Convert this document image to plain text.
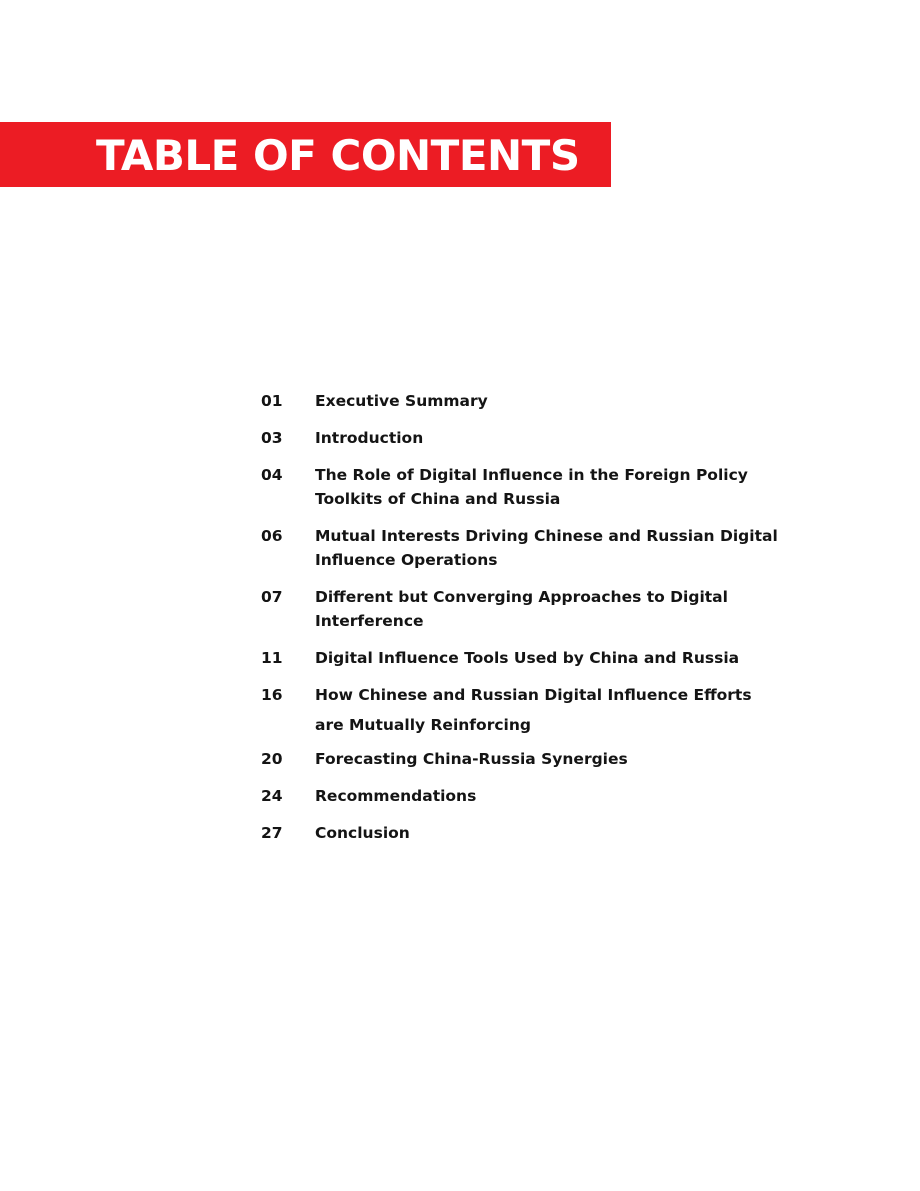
TABLE OF CONTENTS
01	Executive Summary
03	Introduction
04	The Role of Digital Influence in the Foreign Policy Toolkits of China and Russia
06	Mutual Interests Driving Chinese and Russian Digital Influence Operations
07	Different but Converging Approaches to Digital Interference
11	Digital Influence Tools Used by China and Russia
16	How Chinese and Russian Digital Influence Efforts are Mutually Reinforcing
20	Forecasting China-Russia Synergies
24	Recommendations
27	Conclusion
